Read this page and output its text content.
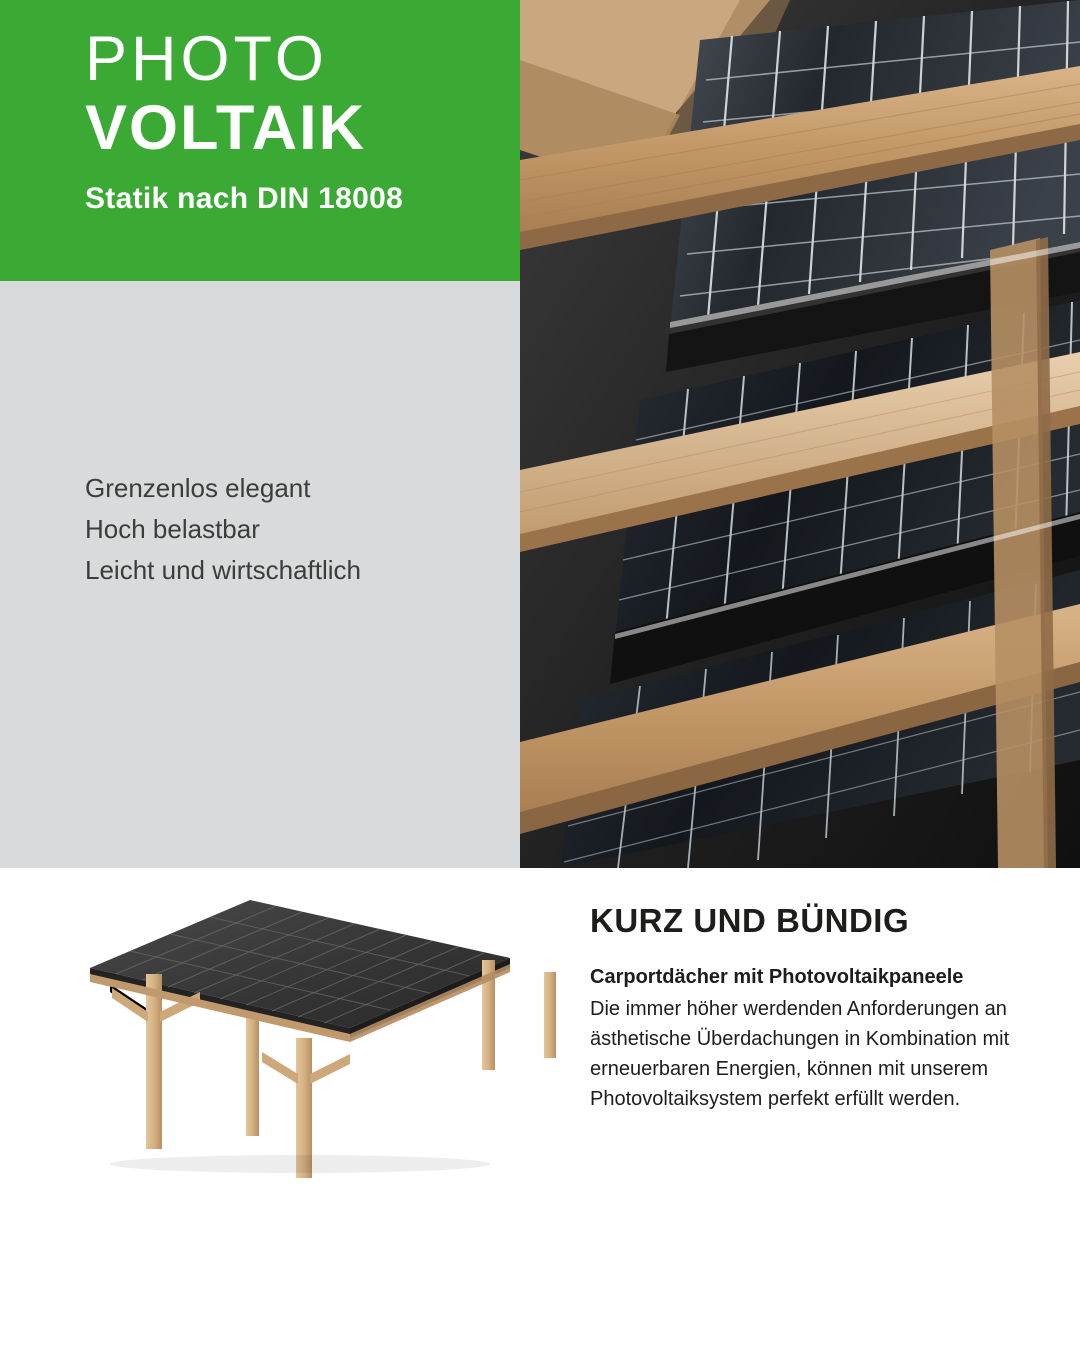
PHOTO
VOLTAIK
Statik nach DIN 18008
Grenzenlos elegant
Hoch belastbar
Leicht und wirtschaftlich
KURZ UND BÜNDIG

Carportdächer mit Photovoltaikpaneele

Die immer höher werdenden Anforderungen an ästhetische Überdachungen in Kombination mit erneuerbaren Energien, können mit unserem Photovoltaiksystem perfekt erfüllt werden.
